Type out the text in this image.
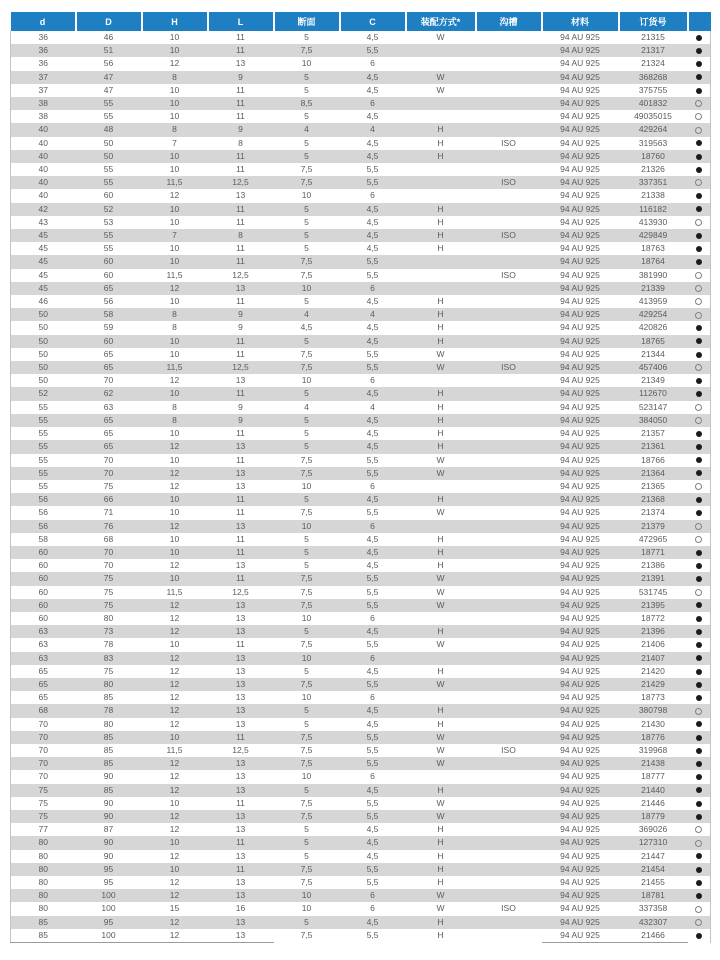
d	D	H	L	断面	C	装配方式*	沟槽	材料	订货号	
36	46	10	11	5	4,5	W		94 AU 925	21315	
36	51	10	11	7,5	5,5			94 AU 925	21317	
36	56	12	13	10	6			94 AU 925	21324	
37	47	8	9	5	4,5	W		94 AU 925	368268	
37	47	10	11	5	4,5	W		94 AU 925	375755	
38	55	10	11	8,5	6			94 AU 925	401832	
38	55	10	11	5	4,5			94 AU 925	49035015	
40	48	8	9	4	4	H		94 AU 925	429264	
40	50	7	8	5	4,5	H	ISO	94 AU 925	319563	
40	50	10	11	5	4,5	H		94 AU 925	18760	
40	55	10	11	7,5	5,5			94 AU 925	21326	
40	55	11,5	12,5	7,5	5,5		ISO	94 AU 925	337351	
40	60	12	13	10	6			94 AU 925	21338	
42	52	10	11	5	4,5	H		94 AU 925	116182	
43	53	10	11	5	4,5	H		94 AU 925	413930	
45	55	7	8	5	4,5	H	ISO	94 AU 925	429849	
45	55	10	11	5	4,5	H		94 AU 925	18763	
45	60	10	11	7,5	5,5			94 AU 925	18764	
45	60	11,5	12,5	7,5	5,5		ISO	94 AU 925	381990	
45	65	12	13	10	6			94 AU 925	21339	
46	56	10	11	5	4,5	H		94 AU 925	413959	
50	58	8	9	4	4	H		94 AU 925	429254	
50	59	8	9	4,5	4,5	H		94 AU 925	420826	
50	60	10	11	5	4,5	H		94 AU 925	18765	
50	65	10	11	7,5	5,5	W		94 AU 925	21344	
50	65	11,5	12,5	7,5	5,5	W	ISO	94 AU 925	457406	
50	70	12	13	10	6			94 AU 925	21349	
52	62	10	11	5	4,5	H		94 AU 925	112670	
55	63	8	9	4	4	H		94 AU 925	523147	
55	65	8	9	5	4,5	H		94 AU 925	384050	
55	65	10	11	5	4,5	H		94 AU 925	21357	
55	65	12	13	5	4,5	H		94 AU 925	21361	
55	70	10	11	7,5	5,5	W		94 AU 925	18766	
55	70	12	13	7,5	5,5	W		94 AU 925	21364	
55	75	12	13	10	6			94 AU 925	21365	
56	66	10	11	5	4,5	H		94 AU 925	21368	
56	71	10	11	7,5	5,5	W		94 AU 925	21374	
56	76	12	13	10	6			94 AU 925	21379	
58	68	10	11	5	4,5	H		94 AU 925	472965	
60	70	10	11	5	4,5	H		94 AU 925	18771	
60	70	12	13	5	4,5	H		94 AU 925	21386	
60	75	10	11	7,5	5,5	W		94 AU 925	21391	
60	75	11,5	12,5	7,5	5,5	W		94 AU 925	531745	
60	75	12	13	7,5	5,5	W		94 AU 925	21395	
60	80	12	13	10	6			94 AU 925	18772	
63	73	12	13	5	4,5	H		94 AU 925	21396	
63	78	10	11	7,5	5,5	W		94 AU 925	21406	
63	83	12	13	10	6			94 AU 925	21407	
65	75	12	13	5	4,5	H		94 AU 925	21420	
65	80	12	13	7,5	5,5	W		94 AU 925	21429	
65	85	12	13	10	6			94 AU 925	18773	
68	78	12	13	5	4,5	H		94 AU 925	380798	
70	80	12	13	5	4,5	H		94 AU 925	21430	
70	85	10	11	7,5	5,5	W		94 AU 925	18776	
70	85	11,5	12,5	7,5	5,5	W	ISO	94 AU 925	319968	
70	85	12	13	7,5	5,5	W		94 AU 925	21438	
70	90	12	13	10	6			94 AU 925	18777	
75	85	12	13	5	4,5	H		94 AU 925	21440	
75	90	10	11	7,5	5,5	W		94 AU 925	21446	
75	90	12	13	7,5	5,5	W		94 AU 925	18779	
77	87	12	13	5	4,5	H		94 AU 925	369026	
80	90	10	11	5	4,5	H		94 AU 925	127310	
80	90	12	13	5	4,5	H		94 AU 925	21447	
80	95	10	11	7,5	5,5	H		94 AU 925	21454	
80	95	12	13	7,5	5,5	H		94 AU 925	21455	
80	100	12	13	10	6	W		94 AU 925	18781	
80	100	15	16	10	6	W	ISO	94 AU 925	337358	
85	95	12	13	5	4,5	H		94 AU 925	432307	
85	100	12	13	7,5	5,5	H		94 AU 925	21466	
